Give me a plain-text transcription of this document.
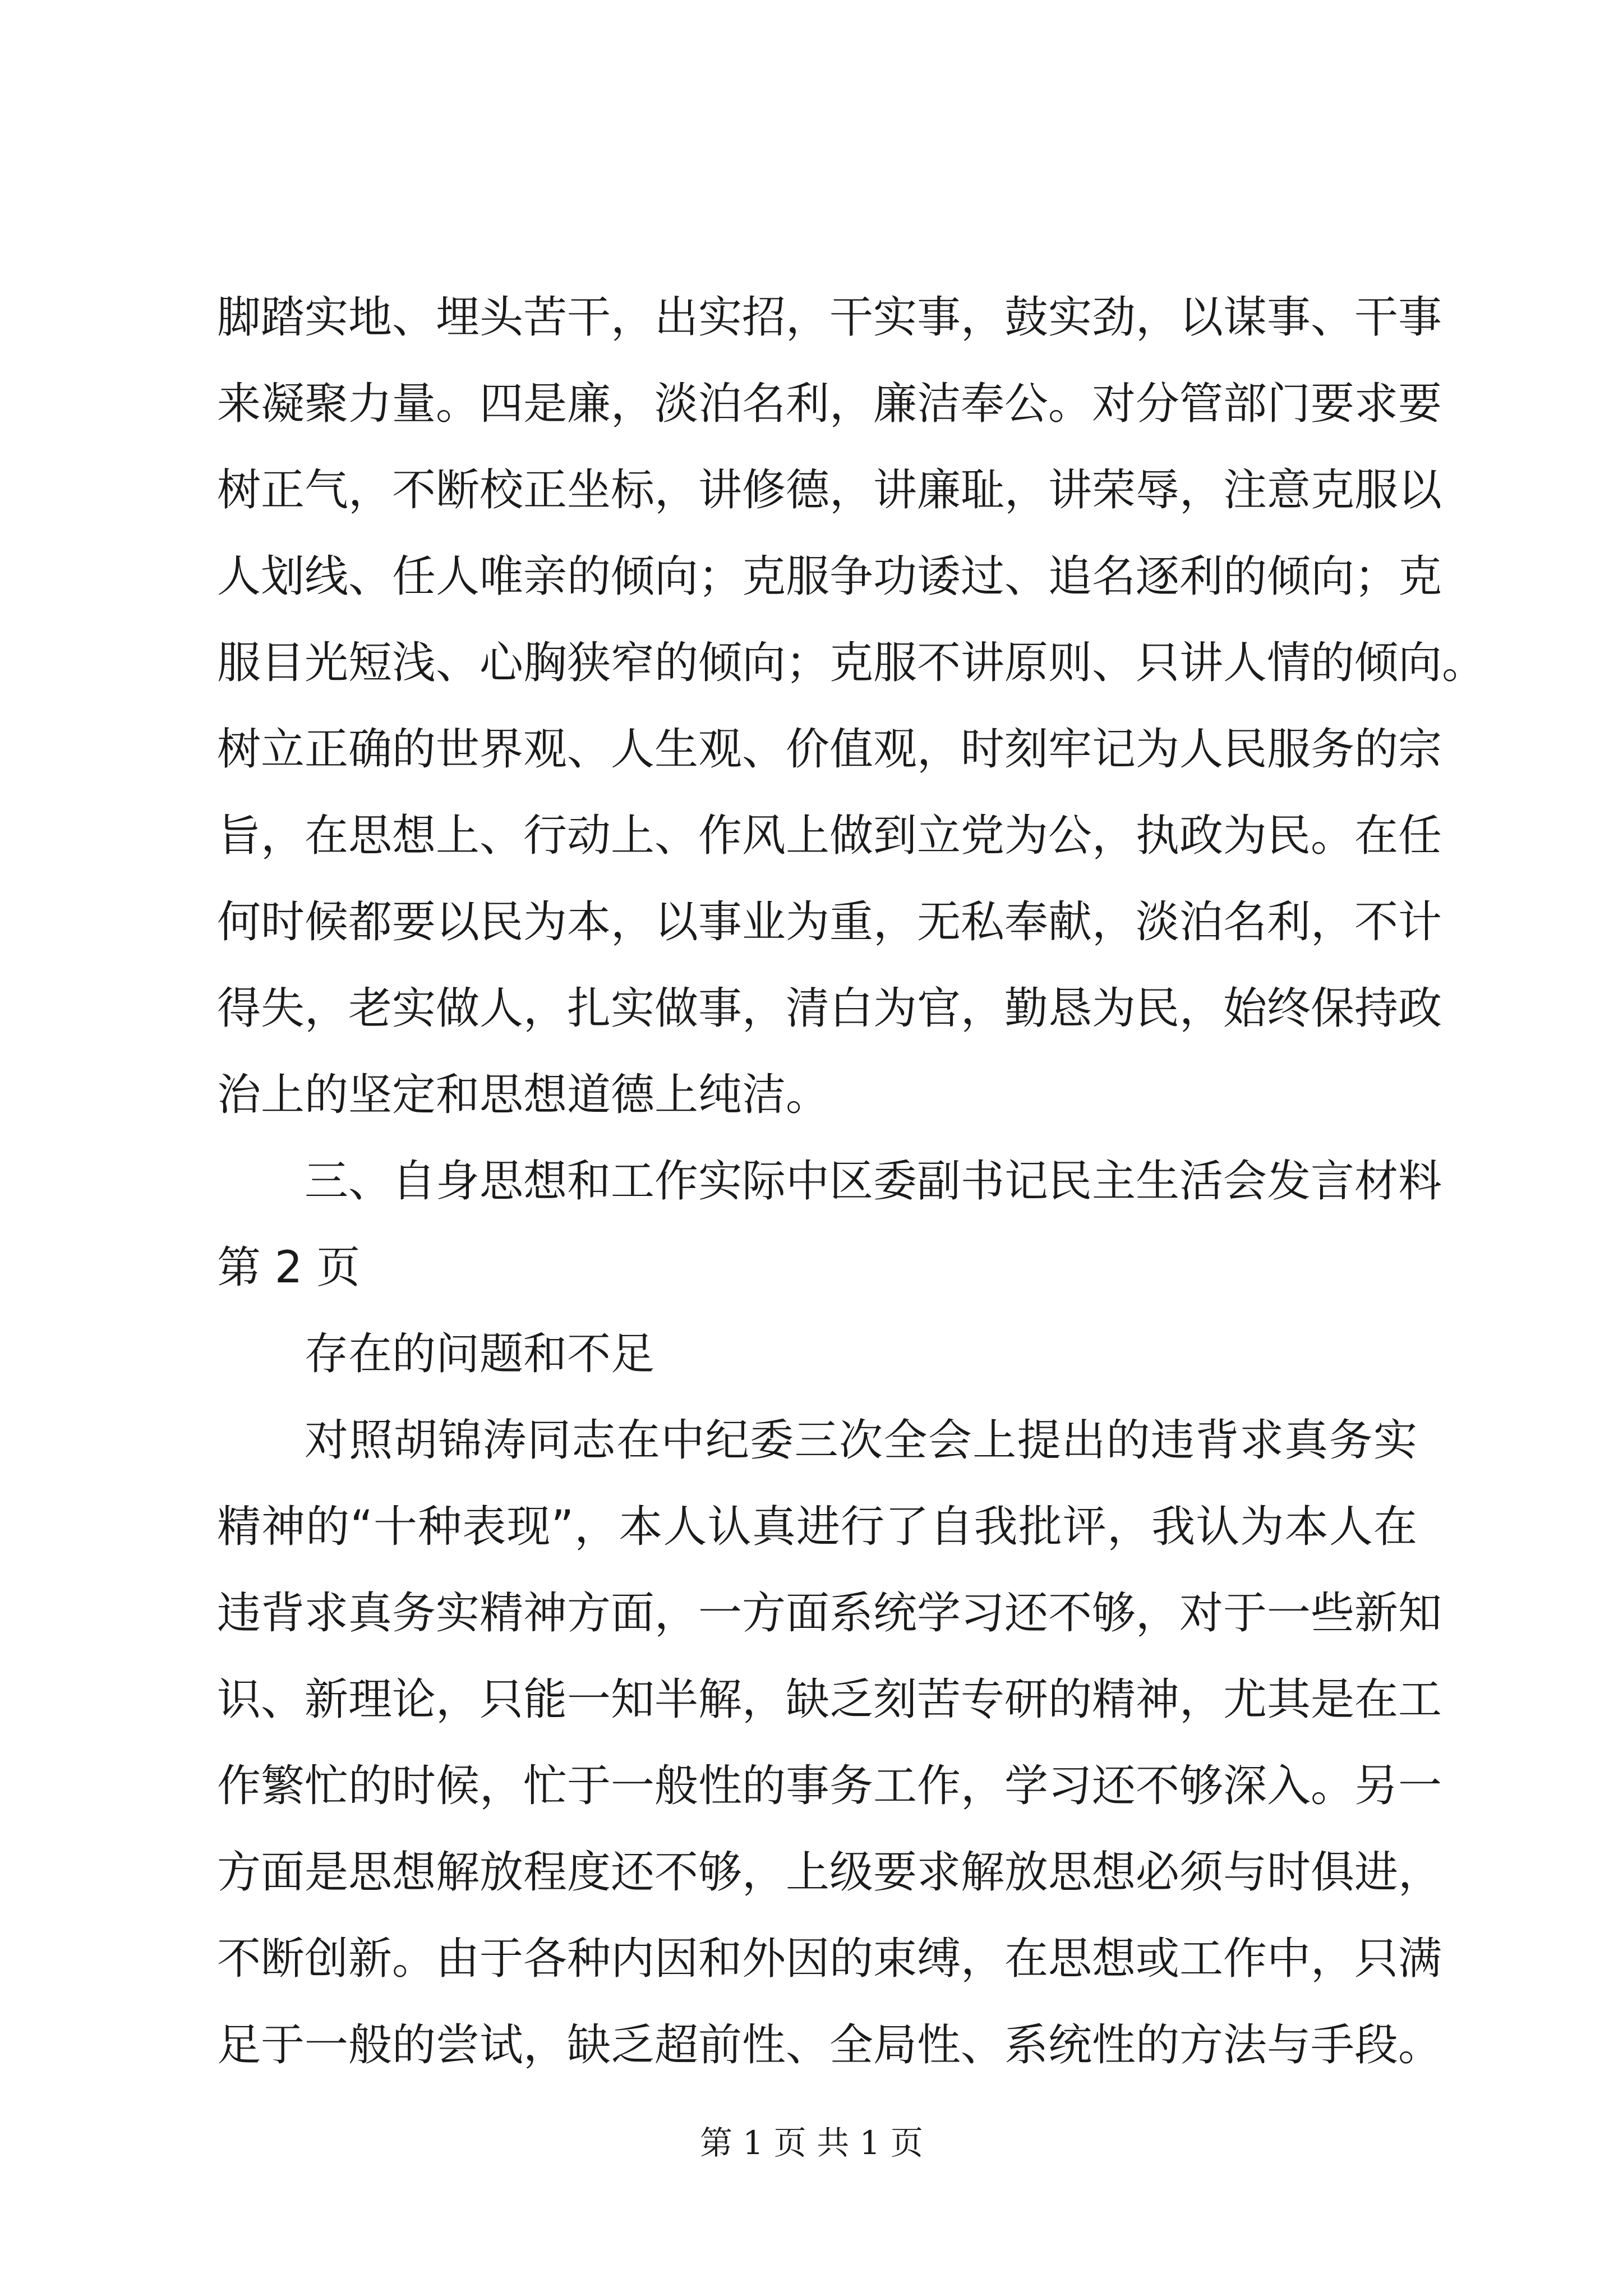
脚踏实地、埋头苦干，出实招，干实事，鼓实劲，以谋事、干事
来凝聚力量。四是廉，淡泊名利，廉洁奉公。对分管部门要求要
树正气，不断校正坐标，讲修德，讲廉耻，讲荣辱，注意克服以
人划线、任人唯亲的倾向；克服争功诿过、追名逐利的倾向；克
服目光短浅、心胸狭窄的倾向；克服不讲原则、只讲人情的倾向。
树立正确的世界观、人生观、价值观，时刻牢记为人民服务的宗
旨，在思想上、行动上、作风上做到立党为公，执政为民。在任
何时候都要以民为本，以事业为重，无私奉献，淡泊名利，不计
得失，老实做人，扎实做事，清白为官，勤恳为民，始终保持政
治上的坚定和思想道德上纯洁。
三、自身思想和工作实际中区委副书记民主生活会发言材料
第 2 页
存在的问题和不足
对照胡锦涛同志在中纪委三次全会上提出的违背求真务实
精神的“十种表现”，本人认真进行了自我批评，我认为本人在
违背求真务实精神方面，一方面系统学习还不够，对于一些新知
识、新理论，只能一知半解，缺乏刻苦专研的精神，尤其是在工
作繁忙的时候，忙于一般性的事务工作，学习还不够深入。另一
方面是思想解放程度还不够，上级要求解放思想必须与时俱进，
不断创新。由于各种内因和外因的束缚，在思想或工作中，只满
足于一般的尝试，缺乏超前性、全局性、系统性的方法与手段。
第 1 页 共 1 页
